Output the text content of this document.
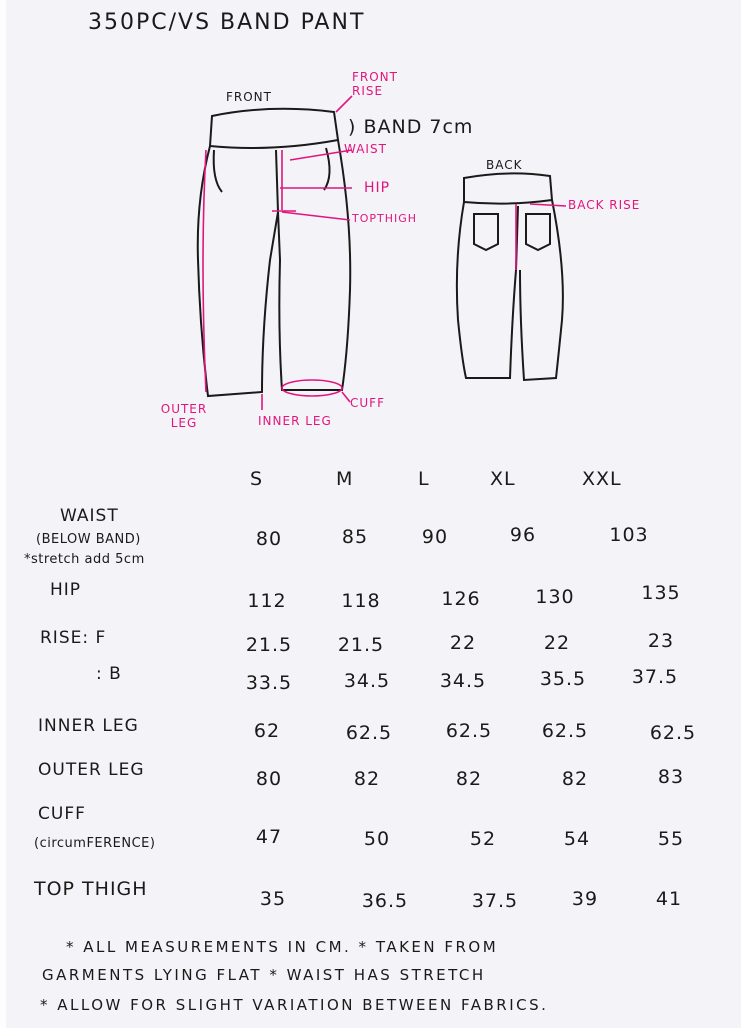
350PC/VS BAND PANT
FRONT
BACK
) BAND 7cm
FRONT RISE
WAIST
HIP
TOPTHIGH
BACK RISE
CUFF
OUTER LEG	INNER LEG
S	M	L	XL	XXL
WAIST
(BELOW BAND)
*stretch add 5cm
80	85	90	96	103
HIP	112	118	126	130	135
RISE: F	21.5	21.5	22	22	23
: B	33.5	34.5	34.5	35.5	37.5
INNER LEG	62	62.5	62.5	62.5	62.5
OUTER LEG	80	82	82	82	83
CUFF
(circumFERENCE)	47	50	52	54	55
TOP THIGH	35	36.5	37.5	39	41
* ALL MEASUREMENTS IN CM. * TAKEN FROM
GARMENTS LYING FLAT * WAIST HAS STRETCH
* ALLOW FOR SLIGHT VARIATION BETWEEN FABRICS.
